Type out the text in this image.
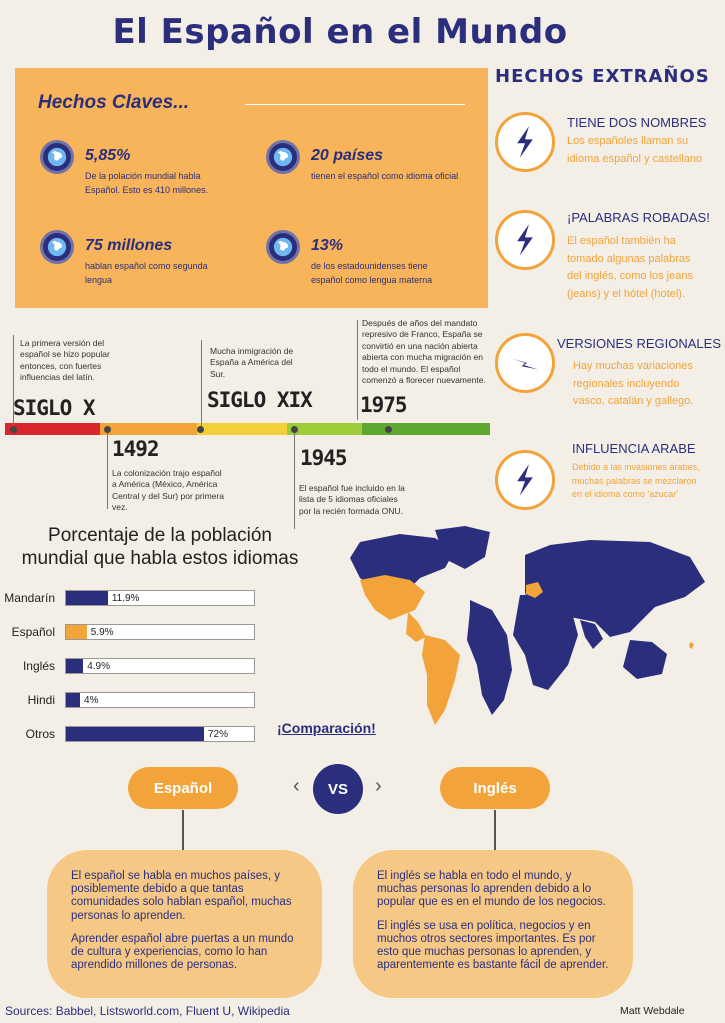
El Español en el Mundo
Hechos Claves...
5,85%
De la polación mundial habla Español. Esto es 410 millones.
20 países
tienen el español como idioma oficial
75 millones
hablan español como segunda lengua
13%
de los estadounidenses tiene español como lengua materna
HECHOS EXTRAÑOS
TIENE DOS NOMBRES
Los españoles llaman su idioma español y castellano
¡PALABRAS ROBADAS!
El español también ha tomado algunas palabras del inglés, como los jeans (jeans) y el hótel (hotel).
VERSIONES REGIONALES
Hay muchas variaciones regionales incluyendo vasco, catalán y gallego.
INFLUENCIA ARABE
Debido a las invasiones árabes, muchas palabras se mezclaron en el idioma como 'azucar'
La primera versión del español se hizo popular entonces, con fuertes influencias del latín.
SIGLO X
1492
La colonización trajo español a América (México, América Central y del Sur) por primera vez.
Mucha inmigración de España a América del Sur.
SIGLO XIX
1945
El español fue incluido en la lista de 5 idiomas oficiales por la recién formada ONU.
Después de años del mandato represivo de Franco, España se convirtió en una nación abierta abierta con mucha migración en todo el mundo. El español comenzó a florecer nuevamente.
1975
Porcentaje de la población mundial que habla estos idiomas
Mandarín	11.9%
Español	5.9%
Inglés	4.9%
Hindi	4%
Otros	72%	¡Comparación!
Español	‹	VS	›	Inglés

El español se habla en muchos países, y posiblemente debido a que tantas comunidades solo hablan español, muchas personas lo aprenden.

Aprender español abre puertas a un mundo de cultura y experiencias, como lo han aprendido millones de personas.

El inglés se habla en todo el mundo, y muchas personas lo aprenden debido a lo popular que es en el mundo de los negocios.

El inglés se usa en política, negocios y en muchos otros sectores importantes. Es por esto que muchas personas lo aprenden, y aparentemente es bastante fácil de aprender.

Sources: Babbel, Listsworld.com, Fluent U, Wikipedia	Matt Webdale
